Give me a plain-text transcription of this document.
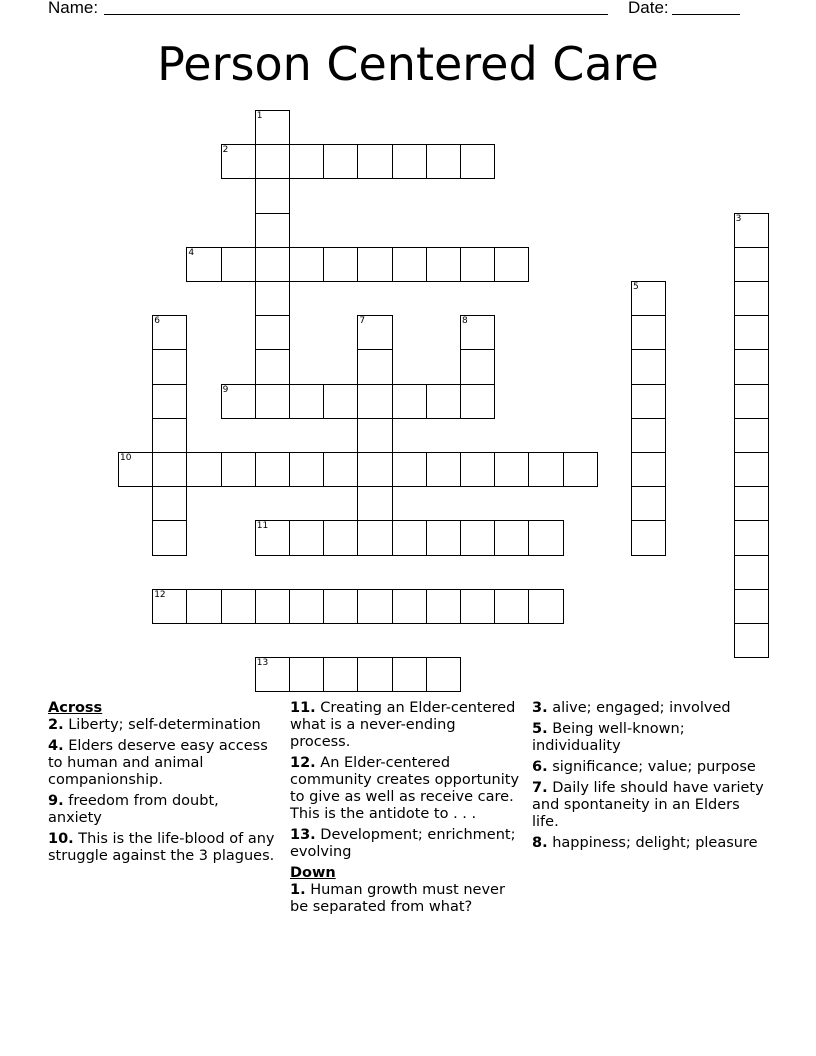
Name:	Date:
Person Centered Care
1
2
3
4
5
6	7	8
9
10
11
12
13
Across
2. Liberty; self-determination
4. Elders deserve easy access to human and animal companionship.
9. freedom from doubt, anxiety
10. This is the life-blood of any struggle against the 3 plagues.
11. Creating an Elder-centered what is a never-ending process.
12. An Elder-centered community creates opportunity to give as well as receive care. This is the antidote to . . .
13. Development; enrichment; evolving
Down
1. Human growth must never be separated from what?
3. alive; engaged; involved
5. Being well-known; individuality
6. significance; value; purpose
7. Daily life should have variety and spontaneity in an Elders life.
8. happiness; delight; pleasure
